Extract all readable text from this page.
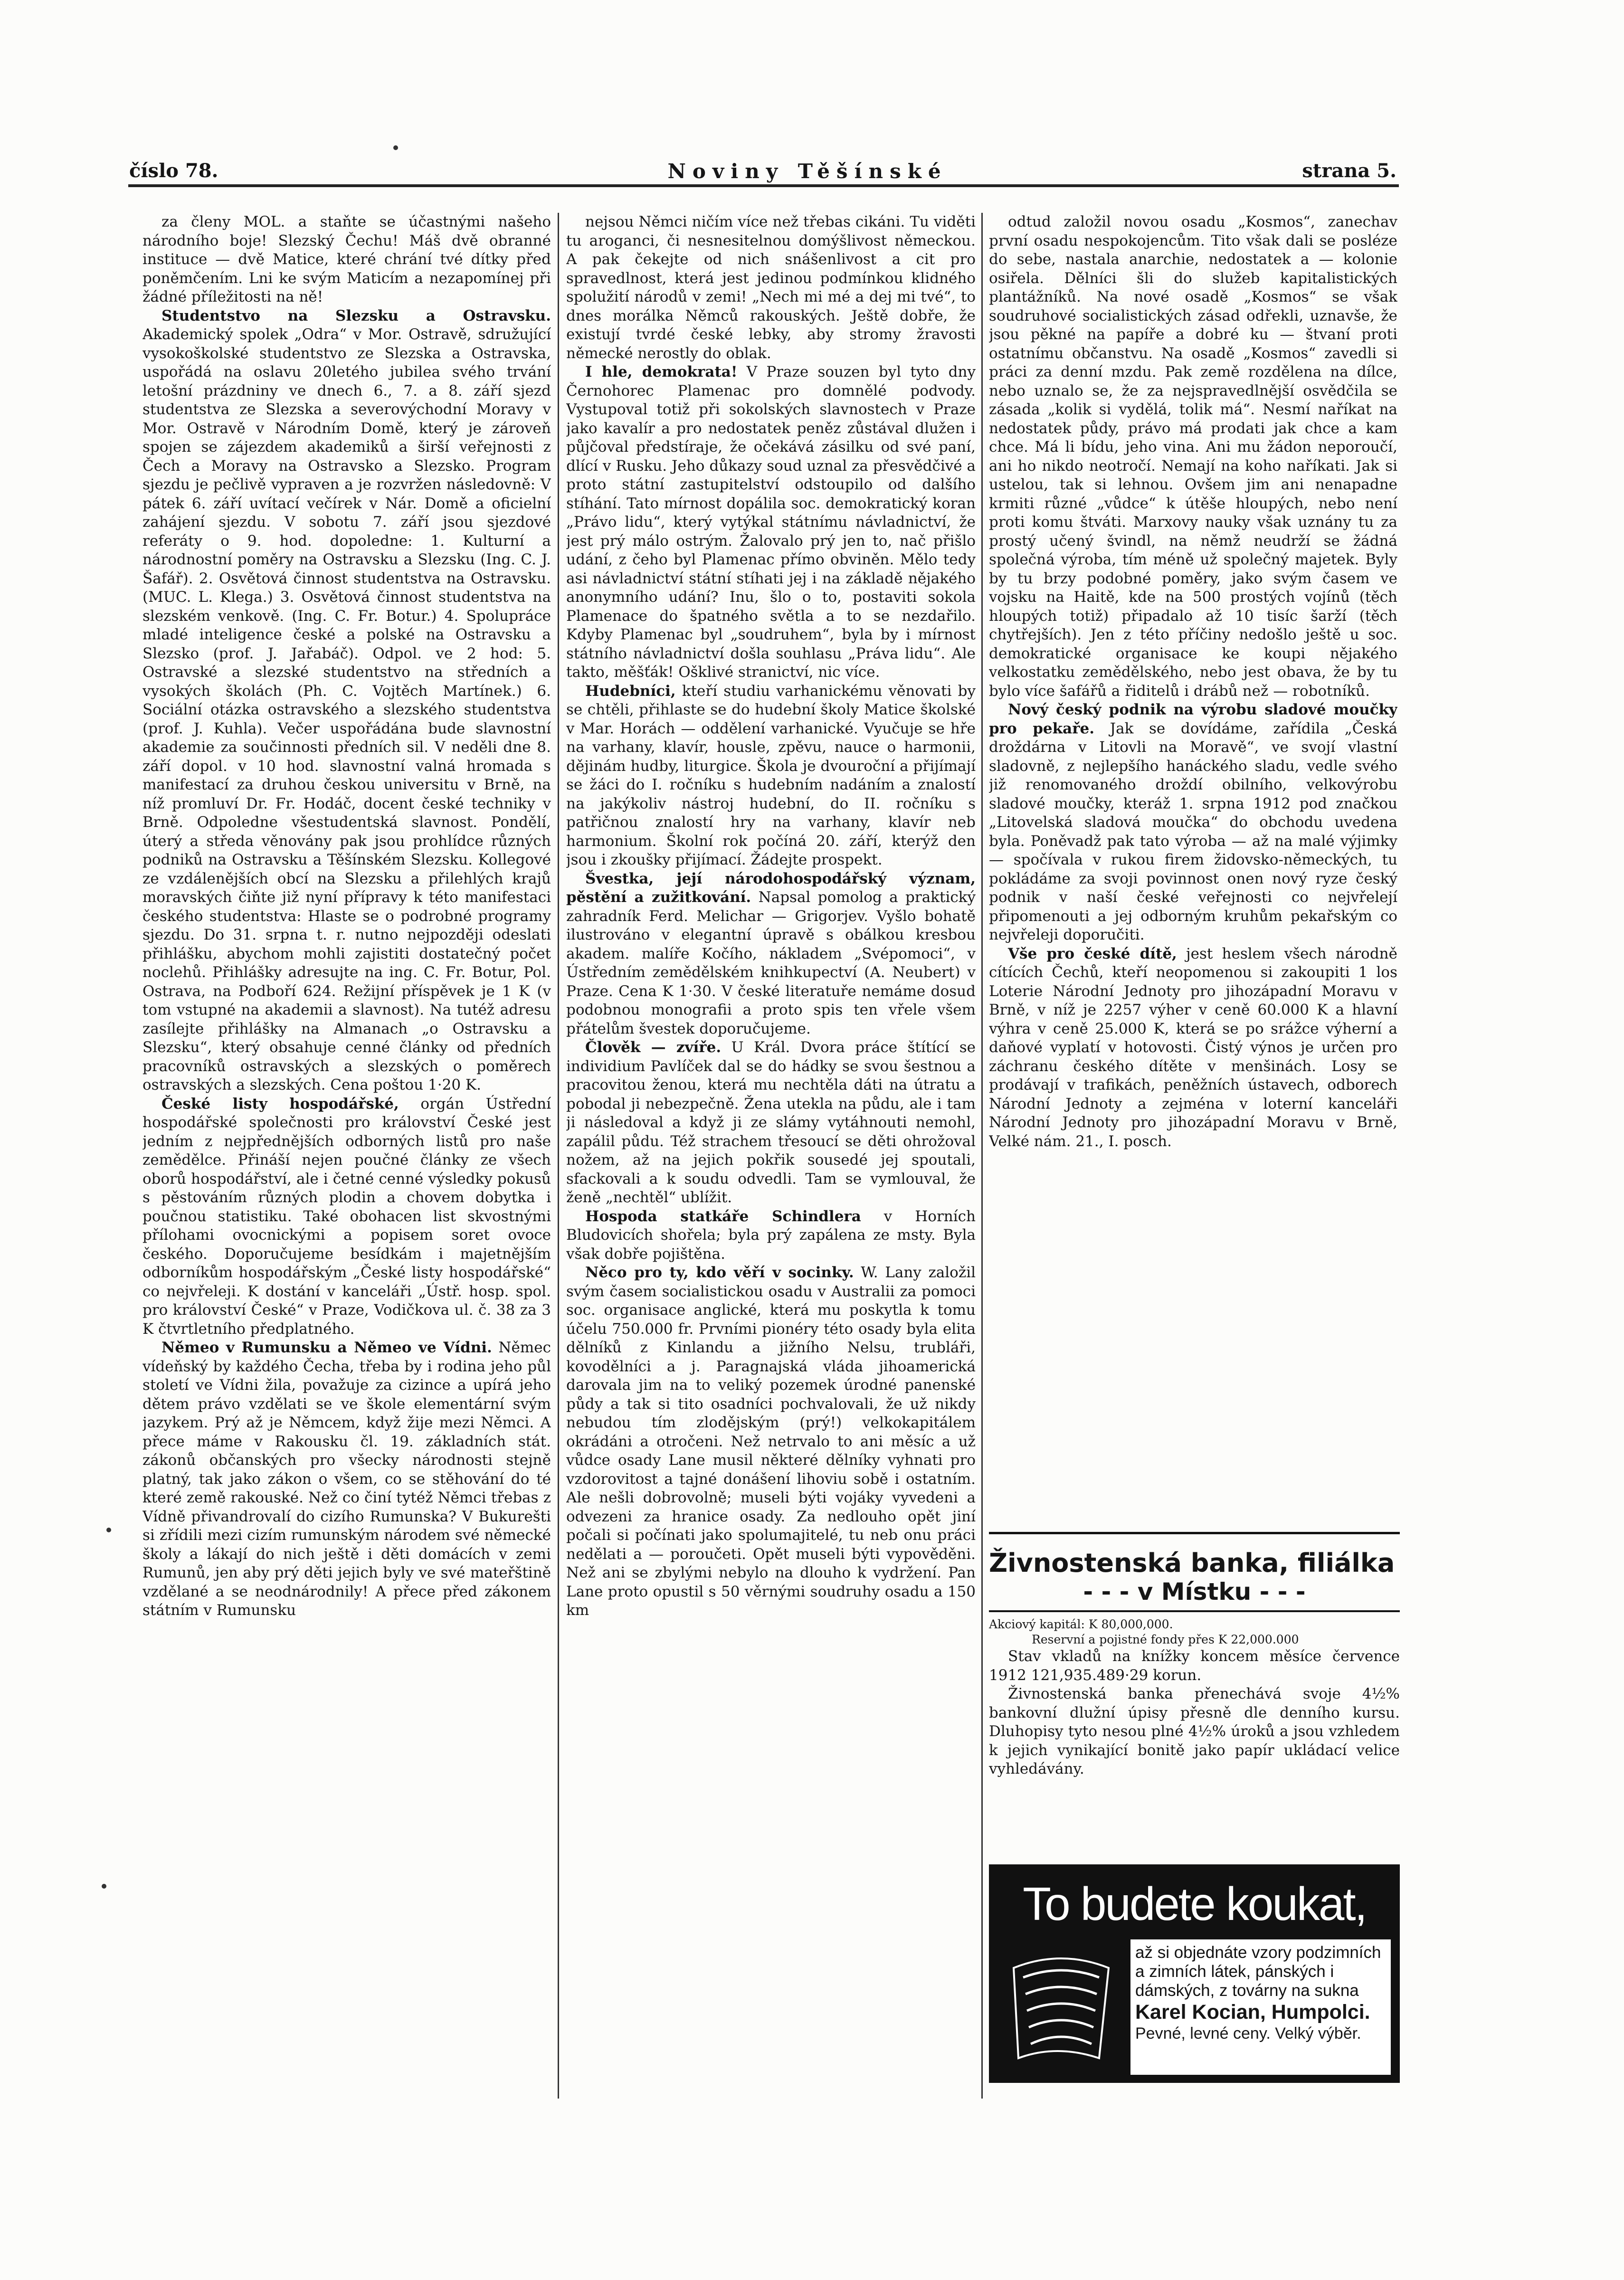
číslo 78.	Noviny Těšínské	strana 5.

za členy MOL. a staňte se účastnými našeho národního boje! Slezský Čechu! Máš dvě obranné instituce — dvě Matice, které chrání tvé dítky před poněmčením. Lni ke svým Maticím a nezapomínej při žádné příležitosti na ně!

Studentstvo na Slezsku a Ostravsku. Akademický spolek „Odra“ v Mor. Ostravě, sdružující vysokoškolské studentstvo ze Slezska a Ostravska, uspořádá na oslavu 20letého jubilea svého trvání letošní prázdniny ve dnech 6., 7. a 8. září sjezd studentstva ze Slezska a severovýchodní Moravy v Mor. Ostravě v Národním Domě, který je zároveň spojen se zájezdem akademiků a širší veřejnosti z Čech a Moravy na Ostravsko a Slezsko. Program sjezdu je pečlivě vypraven a je rozvržen následovně: V pátek 6. září uvítací večírek v Nár. Domě a oficielní zahájení sjezdu. V sobotu 7. září jsou sjezdové referáty o 9. hod. dopoledne: 1. Kulturní a národnostní poměry na Ostravsku a Slezsku (Ing. C. J. Šafář). 2. Osvětová činnost studentstva na Ostravsku. (MUC. L. Klega.) 3. Osvětová činnost studentstva na slezském venkově. (Ing. C. Fr. Botur.) 4. Spolupráce mladé inteligence české a polské na Ostravsku a Slezsko (prof. J. Jařabáč). Odpol. ve 2 hod: 5. Ostravské a slezské studentstvo na středních a vysokých školách (Ph. C. Vojtěch Martínek.) 6. Sociální otázka ostravského a slezského studentstva (prof. J. Kuhla). Večer uspořádána bude slavnostní akademie za součinnosti předních sil. V neděli dne 8. září dopol. v 10 hod. slavnostní valná hromada s manifestací za druhou českou universitu v Brně, na níž promluví Dr. Fr. Hodáč, docent české techniky v Brně. Odpoledne všestudentská slavnost. Pondělí, úterý a středa věnovány pak jsou prohlídce různých podniků na Ostravsku a Těšínském Slezsku. Kollegové ze vzdálenějších obcí na Slezsku a přilehlých krajů moravských čiňte již nyní přípravy k této manifestaci českého studentstva: Hlaste se o podrobné programy sjezdu. Do 31. srpna t. r. nutno nejpozději odeslati přihlášku, abychom mohli zajistiti dostatečný počet noclehů. Přihlášky adresujte na ing. C. Fr. Botur, Pol. Ostrava, na Podboří 624. Režijní příspěvek je 1 K (v tom vstupné na akademii a slavnost). Na tutéž adresu zasílejte přihlášky na Almanach „o Ostravsku a Slezsku“, který obsahuje cenné články od předních pracovníků ostravských a slezských o poměrech ostravských a slezských. Cena poštou 1·20 K.

České listy hospodářské, orgán Ústřední hospodářské společnosti pro království České jest jedním z nejpřednějších odborných listů pro naše zemědělce. Přináší nejen poučné články ze všech oborů hospodářství, ale i četné cenné výsledky pokusů s pěstováním různých plodin a chovem dobytka i poučnou statistiku. Také obohacen list skvostnými přílohami ovocnickými a popisem soret ovoce českého. Doporučujeme besídkám i majetnějším odborníkům hospodářským „České listy hospodářské“ co nejvřeleji. K dostání v kanceláři „Ústř. hosp. spol. pro království České“ v Praze, Vodičkova ul. č. 38 za 3 K čtvrtletního předplatného.

Němeo v Rumunsku a Němeo ve Vídni. Němec vídeňský by každého Čecha, třeba by i rodina jeho půl století ve Vídni žila, považuje za cizince a upírá jeho dětem právo vzdělati se ve škole elementární svým jazykem. Prý až je Němcem, když žije mezi Němci. A přece máme v Rakousku čl. 19. základních stát. zákonů občanských pro všecky národnosti stejně platný, tak jako zákon o všem, co se stěhování do té které země rakouské. Než co činí tytéž Němci třebas z Vídně přivandrovalí do cizího Rumunska? V Bukurešti si zřídili mezi cizím rumunským národem své německé školy a lákají do nich ještě i děti domácích v zemi Rumunů, jen aby prý děti jejich byly ve své mateřštině vzdělané a se neodnárodnily! A přece před zákonem státním v Rumunsku

nejsou Němci ničím více než třebas cikáni. Tu viděti tu aroganci, či nesnesitelnou domýšlivost německou. A pak čekejte od nich snášenlivost a cit pro spravedlnost, která jest jedinou podmínkou klidného spolužití národů v zemi! „Nech mi mé a dej mi tvé“, to dnes morálka Němců rakouských. Ještě dobře, že existují tvrdé české lebky, aby stromy žravosti německé nerostly do oblak.

I hle, demokrata! V Praze souzen byl tyto dny Černohorec Plamenac pro domnělé podvody. Vystupoval totiž při sokolských slavnostech v Praze jako kavalír a pro nedostatek peněz zůstával dlužen i půjčoval předstíraje, že očekává zásilku od své paní, dlící v Rusku. Jeho důkazy soud uznal za přesvědčivé a proto státní zastupitelství odstoupilo od dalšího stíhání. Tato mírnost dopálila soc. demokratický koran „Právo lidu“, který vytýkal státnímu návladnictví, že jest prý málo ostrým. Žalovalo prý jen to, nač přišlo udání, z čeho byl Plamenac přímo obviněn. Mělo tedy asi návladnictví státní stíhati jej i na základě nějakého anonymního udání? Inu, šlo o to, postaviti sokola Plamenace do špatného světla a to se nezdařilo. Kdyby Plamenac byl „soudruhem“, byla by i mírnost státního návladnictví došla souhlasu „Práva lidu“. Ale takto, měšťák! Ošklivé stranictví, nic více.

Hudebníci, kteří studiu varhanickému věnovati by se chtěli, přihlaste se do hudební školy Matice školské v Mar. Horách — oddělení varhanické. Vyučuje se hře na varhany, klavír, housle, zpěvu, nauce o harmonii, dějinám hudby, liturgice. Škola je dvouroční a přijímají se žáci do I. ročníku s hudebním nadáním a znalostí na jakýkoliv nástroj hudební, do II. ročníku s patřičnou znalostí hry na varhany, klavír neb harmonium. Školní rok počíná 20. září, kterýž den jsou i zkoušky přijímací. Žádejte prospekt.

Švestka, její národohospodářský význam, pěstění a zužitkování. Napsal pomolog a praktický zahradník Ferd. Melichar — Grigorjev. Vyšlo bohatě ilustrováno v elegantní úpravě s obálkou kresbou akadem. malíře Kočího, nákladem „Svépomoci“, v Ústředním zemědělském knihkupectví (A. Neubert) v Praze. Cena K 1·30. V české literatuře nemáme dosud podobnou monografii a proto spis ten vřele všem přátelům švestek doporučujeme.

Člověk — zvíře. U Král. Dvora práce štítící se individium Pavlíček dal se do hádky se svou šestnou a pracovitou ženou, která mu nechtěla dáti na útratu a pobodal ji nebezpečně. Žena utekla na půdu, ale i tam ji následoval a když ji ze slámy vytáhnouti nemohl, zapálil půdu. Též strachem třesoucí se děti ohrožoval nožem, až na jejich pokřik sousedé jej spoutali, sfackovali a k soudu odvedli. Tam se vymlouval, že ženě „nechtěl“ ublížit.

Hospoda statkáře Schindlera v Horních Bludovicích shořela; byla prý zapálena ze msty. Byla však dobře pojištěna.

Něco pro ty, kdo věří v socinky. W. Lany založil svým časem socialistickou osadu v Australii za pomoci soc. organisace anglické, která mu poskytla k tomu účelu 750.000 fr. Prvními pionéry této osady byla elita dělníků z Kinlandu a jižního Nelsu, trubláři, kovodělníci a j. Paragnajská vláda jihoamerická darovala jim na to veliký pozemek úrodné panenské půdy a tak si tito osadníci pochvalovali, že už nikdy nebudou tím zlodějským (prý!) velkokapitálem okrádáni a otročeni. Než netrvalo to ani měsíc a už vůdce osady Lane musil některé dělníky vyhnati pro vzdorovitost a tajné donášení lihoviu sobě i ostatním. Ale nešli dobrovolně; museli býti vojáky vyvedeni a odvezeni za hranice osady. Za nedlouho opět jiní počali si počínati jako spolumajitelé, tu neb onu práci nedělati a — poroučeti. Opět museli býti vypověděni. Než ani se zbylými nebylo na dlouho k vydržení. Pan Lane proto opustil s 50 věrnými soudruhy osadu a 150 km

odtud založil novou osadu „Kosmos“, zanechav první osadu nespokojencům. Tito však dali se posléze do sebe, nastala anarchie, nedostatek a — kolonie osiřela. Dělníci šli do služeb kapitalistických plantážníků. Na nové osadě „Kosmos“ se však soudruhové socialistických zásad odřekli, uznavše, že jsou pěkné na papíře a dobré ku — štvaní proti ostatnímu občanstvu. Na osadě „Kosmos“ zavedli si práci za denní mzdu. Pak země rozdělena na dílce, nebo uznalo se, že za nejspravedlnější osvědčila se zásada „kolik si vydělá, tolik má“. Nesmí naříkat na nedostatek půdy, právo má prodati jak chce a kam chce. Má li bídu, jeho vina. Ani mu žádon neporoučí, ani ho nikdo neotročí. Nemají na koho naříkati. Jak si ustelou, tak si lehnou. Ovšem jim ani nenapadne krmiti různé „vůdce“ k útěše hloupých, nebo není proti komu štváti. Marxovy nauky však uznány tu za prostý učený švindl, na němž neudrží se žádná společná výroba, tím méně už společný majetek. Byly by tu brzy podobné poměry, jako svým časem ve vojsku na Haitě, kde na 500 prostých vojínů (těch hloupých totiž) připadalo až 10 tisíc šarží (těch chytřejších). Jen z této příčiny nedošlo ještě u soc. demokratické organisace ke koupi nějakého velkostatku zemědělského, nebo jest obava, že by tu bylo více šafářů a řiditelů i drábů než — robotníků.

Nový český podnik na výrobu sladové moučky pro pekaře. Jak se dovídáme, zařídila „Česká droždárna v Litovli na Moravě“, ve svojí vlastní sladovně, z nejlepšího hanáckého sladu, vedle svého již renomovaného droždí obilního, velkovýrobu sladové moučky, kteráž 1. srpna 1912 pod značkou „Litovelská sladová moučka“ do obchodu uvedena byla. Poněvadž pak tato výroba — až na malé výjimky — spočívala v rukou firem židovsko-německých, tu pokládáme za svoji povinnost onen nový ryze český podnik v naší české veřejnosti co nejvřelejí připomenouti a jej odborným kruhům pekařským co nejvřeleji doporučiti.

Vše pro české dítě, jest heslem všech národně cítících Čechů, kteří neopomenou si zakoupiti 1 los Loterie Národní Jednoty pro jihozápadní Moravu v Brně, v níž je 2257 výher v ceně 60.000 K a hlavní výhra v ceně 25.000 K, která se po srážce výherní a daňové vyplatí v hotovosti. Čistý výnos je určen pro záchranu českého dítěte v menšinách. Losy se prodávají v trafikách, peněžních ústavech, odborech Národní Jednoty a zejména v loterní kanceláři Národní Jednoty pro jihozápadní Moravu v Brně, Velké nám. 21., I. posch.

Živnostenská banka, filiálka
- - - v Místku - - -
Akciový kapitál: K 80,000,000.
Reservní a pojistné fondy přes K 22,000.000

Stav vkladů na knížky koncem měsíce července 1912 121,935.489·29 korun.

Živnostenská banka přenechává svoje 4½% bankovní dlužní úpisy přesně dle denního kursu. Dluhopisy tyto nesou plné 4½% úroků a jsou vzhledem k jejich vynikající bonitě jako papír ukládací velice vyhledávány.

To budete koukat,
až si objednáte vzory podzimních a zimních látek, pánských i dámských, z továrny na sukna
Karel Kocian, Humpolci.
Pevné, levné ceny. Velký výběr.
